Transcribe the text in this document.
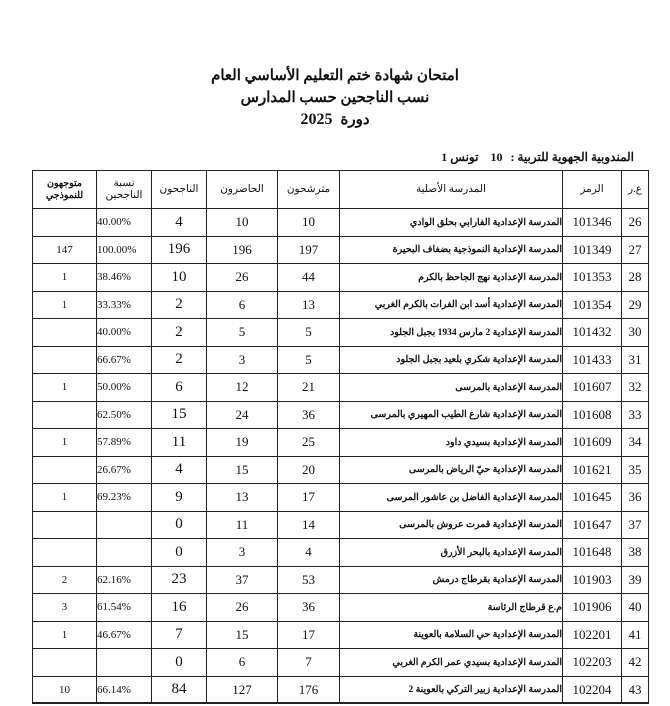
امتحان شهادة ختم التعليم الأساسي العام
نسب الناجحين حسب المدارس
دورة2025
المندوبية الجهوية للتربية :10تونس 1
ع.ر	الرمز	المدرسة الأصلية	مترشحون	الحاضرون	الناجحون	نسبة الناجحين	متوجهون للنموذجي
26	101346	المدرسة الإعدادية الفارابي بحلق الوادي	10	10	4	40.00%	
27	101349	المدرسة الإعدادية النموذجية بضفاف البحيرة	197	196	196	100.00%	147
28	101353	المدرسة الإعدادية نهج الجاحظ بالكرم	44	26	10	38.46%	1
29	101354	المدرسة الإعدادية أسد ابن الفرات بالكرم الغربي	13	6	2	33.33%	1
30	101432	المدرسة الإعدادية 2 مارس 1934 بجبل الجلود	5	5	2	40.00%	
31	101433	المدرسة الإعدادية شكري بلعيد بجبل الجلود	5	3	2	66.67%	
32	101607	المدرسة الإعدادية بالمرسى	21	12	6	50.00%	1
33	101608	المدرسة الإعدادية شارع الطيب المهيري بالمرسى	36	24	15	62.50%	
34	101609	المدرسة الإعدادية بسيدي داود	25	19	11	57.89%	1
35	101621	المدرسة الإعدادية حيّ الرياض بالمرسى	20	15	4	26.67%	
36	101645	المدرسة الإعدادية الفاضل بن عاشور المرسى	17	13	9	69.23%	1
37	101647	المدرسة الإعدادية قمرت عروش بالمرسى	14	11	0		
38	101648	المدرسة الإعدادية بالبحر الأزرق	4	3	0		
39	101903	المدرسة الإعدادية بقرطاج درمش	53	37	23	62.16%	2
40	101906	م.ع قرطاج الرئاسة	36	26	16	61.54%	3
41	102201	المدرسة الإعدادية حي السلامة بالعوينة	17	15	7	46.67%	1
42	102203	المدرسة الإعدادية بسيدي عمر الكرم الغربي	7	6	0		
43	102204	المدرسة الإعدادية زبير التركي بالعوينة 2	176	127	84	66.14%	10
